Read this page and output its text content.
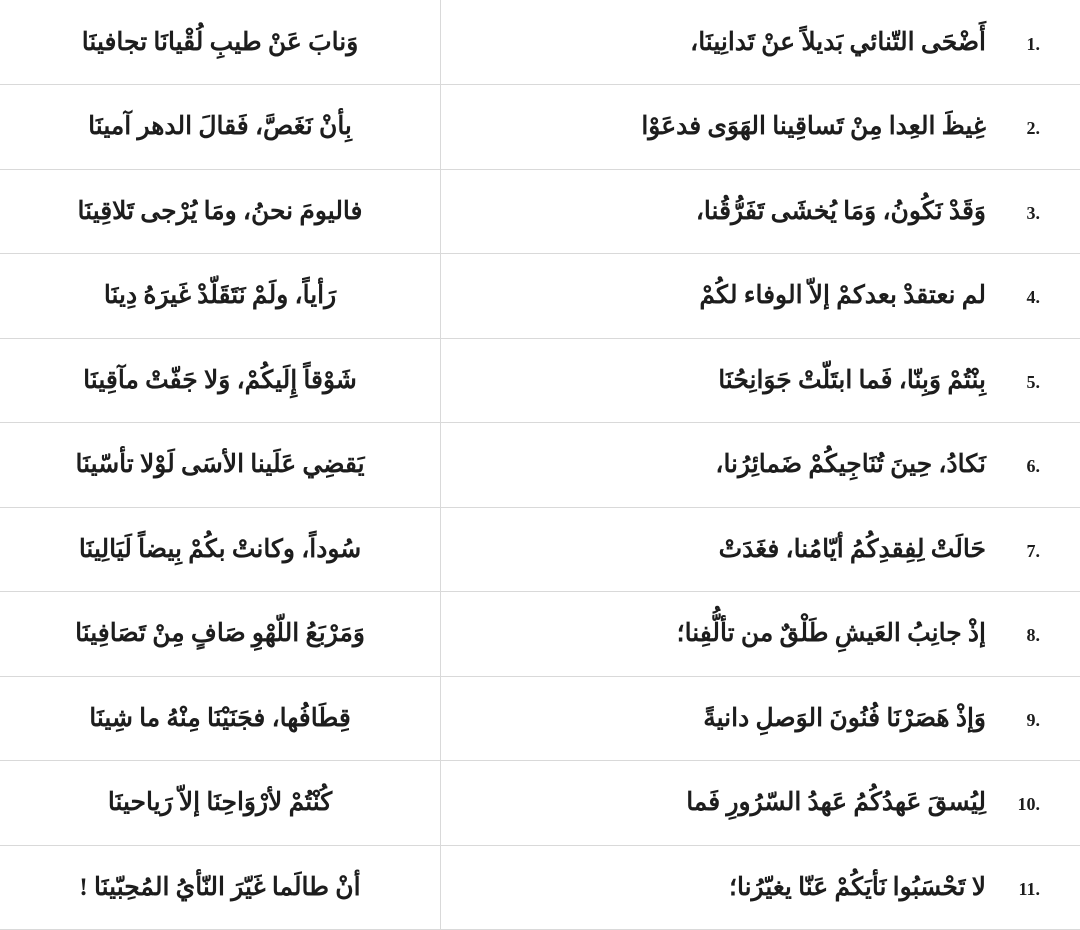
.1أَضْحَى التّنائي بَديلاً عنْ تَدانِينَا،	وَنابَ عَنْ طيبِ لُقْيانَا تجافينَا
.2غِيظَ العِدا مِنْ تَساقِينا الهَوَى فدعَوْا	بِأنْ نَغَصَّ، فَقالَ الدهر آمينَا
.3وَقَدْ نَكُونُ، وَمَا يُخشَى تَفَرُّقُنا،	فاليومَ نحنُ، ومَا يُرْجى تَلاقِينَا
.4لم نعتقدْ بعدكمْ إلاّ الوفاء لكُمْ	رَأياً، ولَمْ نَتَقَلّدْ غَيرَهُ دِينَا
.5بِنْتُمْ وَبِنّا، فَما ابتَلّتْ جَوَانِحُنَا	شَوْقاً إِلَيكُمْ، وَلا جَفّتْ مآقِينَا
.6نَكادُ، حِينَ تُنَاجِيكُمْ ضَمائِرُنا،	يَقضِي عَلَينا الأسَى لَوْلا تأسّينَا
.7حَالَتْ لِفِقدِكُمُ أيّامُنا، فغَدَتْ	سُوداً، وكانتْ بكُمْ بِيضاً لَيَالِينَا
.8إذْ جانِبُ العَيشِ طَلْقٌ من تألُّفِنا؛	وَمَرْبَعُ اللّهْوِ صَافٍ مِنْ تَصَافِينَا
.9وَإذْ هَصَرْنَا فُنُونَ الوَصلِ دانيةً	قِطَافُها، فجَنَيْنَا مِنْهُ ما شِينَا
.10لِيُسقَ عَهدُكُمُ عَهدُ السّرُورِ فَما	كُنْتُمْ لأرْوَاحِنَا إلاّ رَياحينَا
.11لا تَحْسَبُوا نَأيَكُمْ عَنّا يغيّرُنا؛	أنْ طالَما غَيّرَ النّأيُ المُحِبّينَا !
